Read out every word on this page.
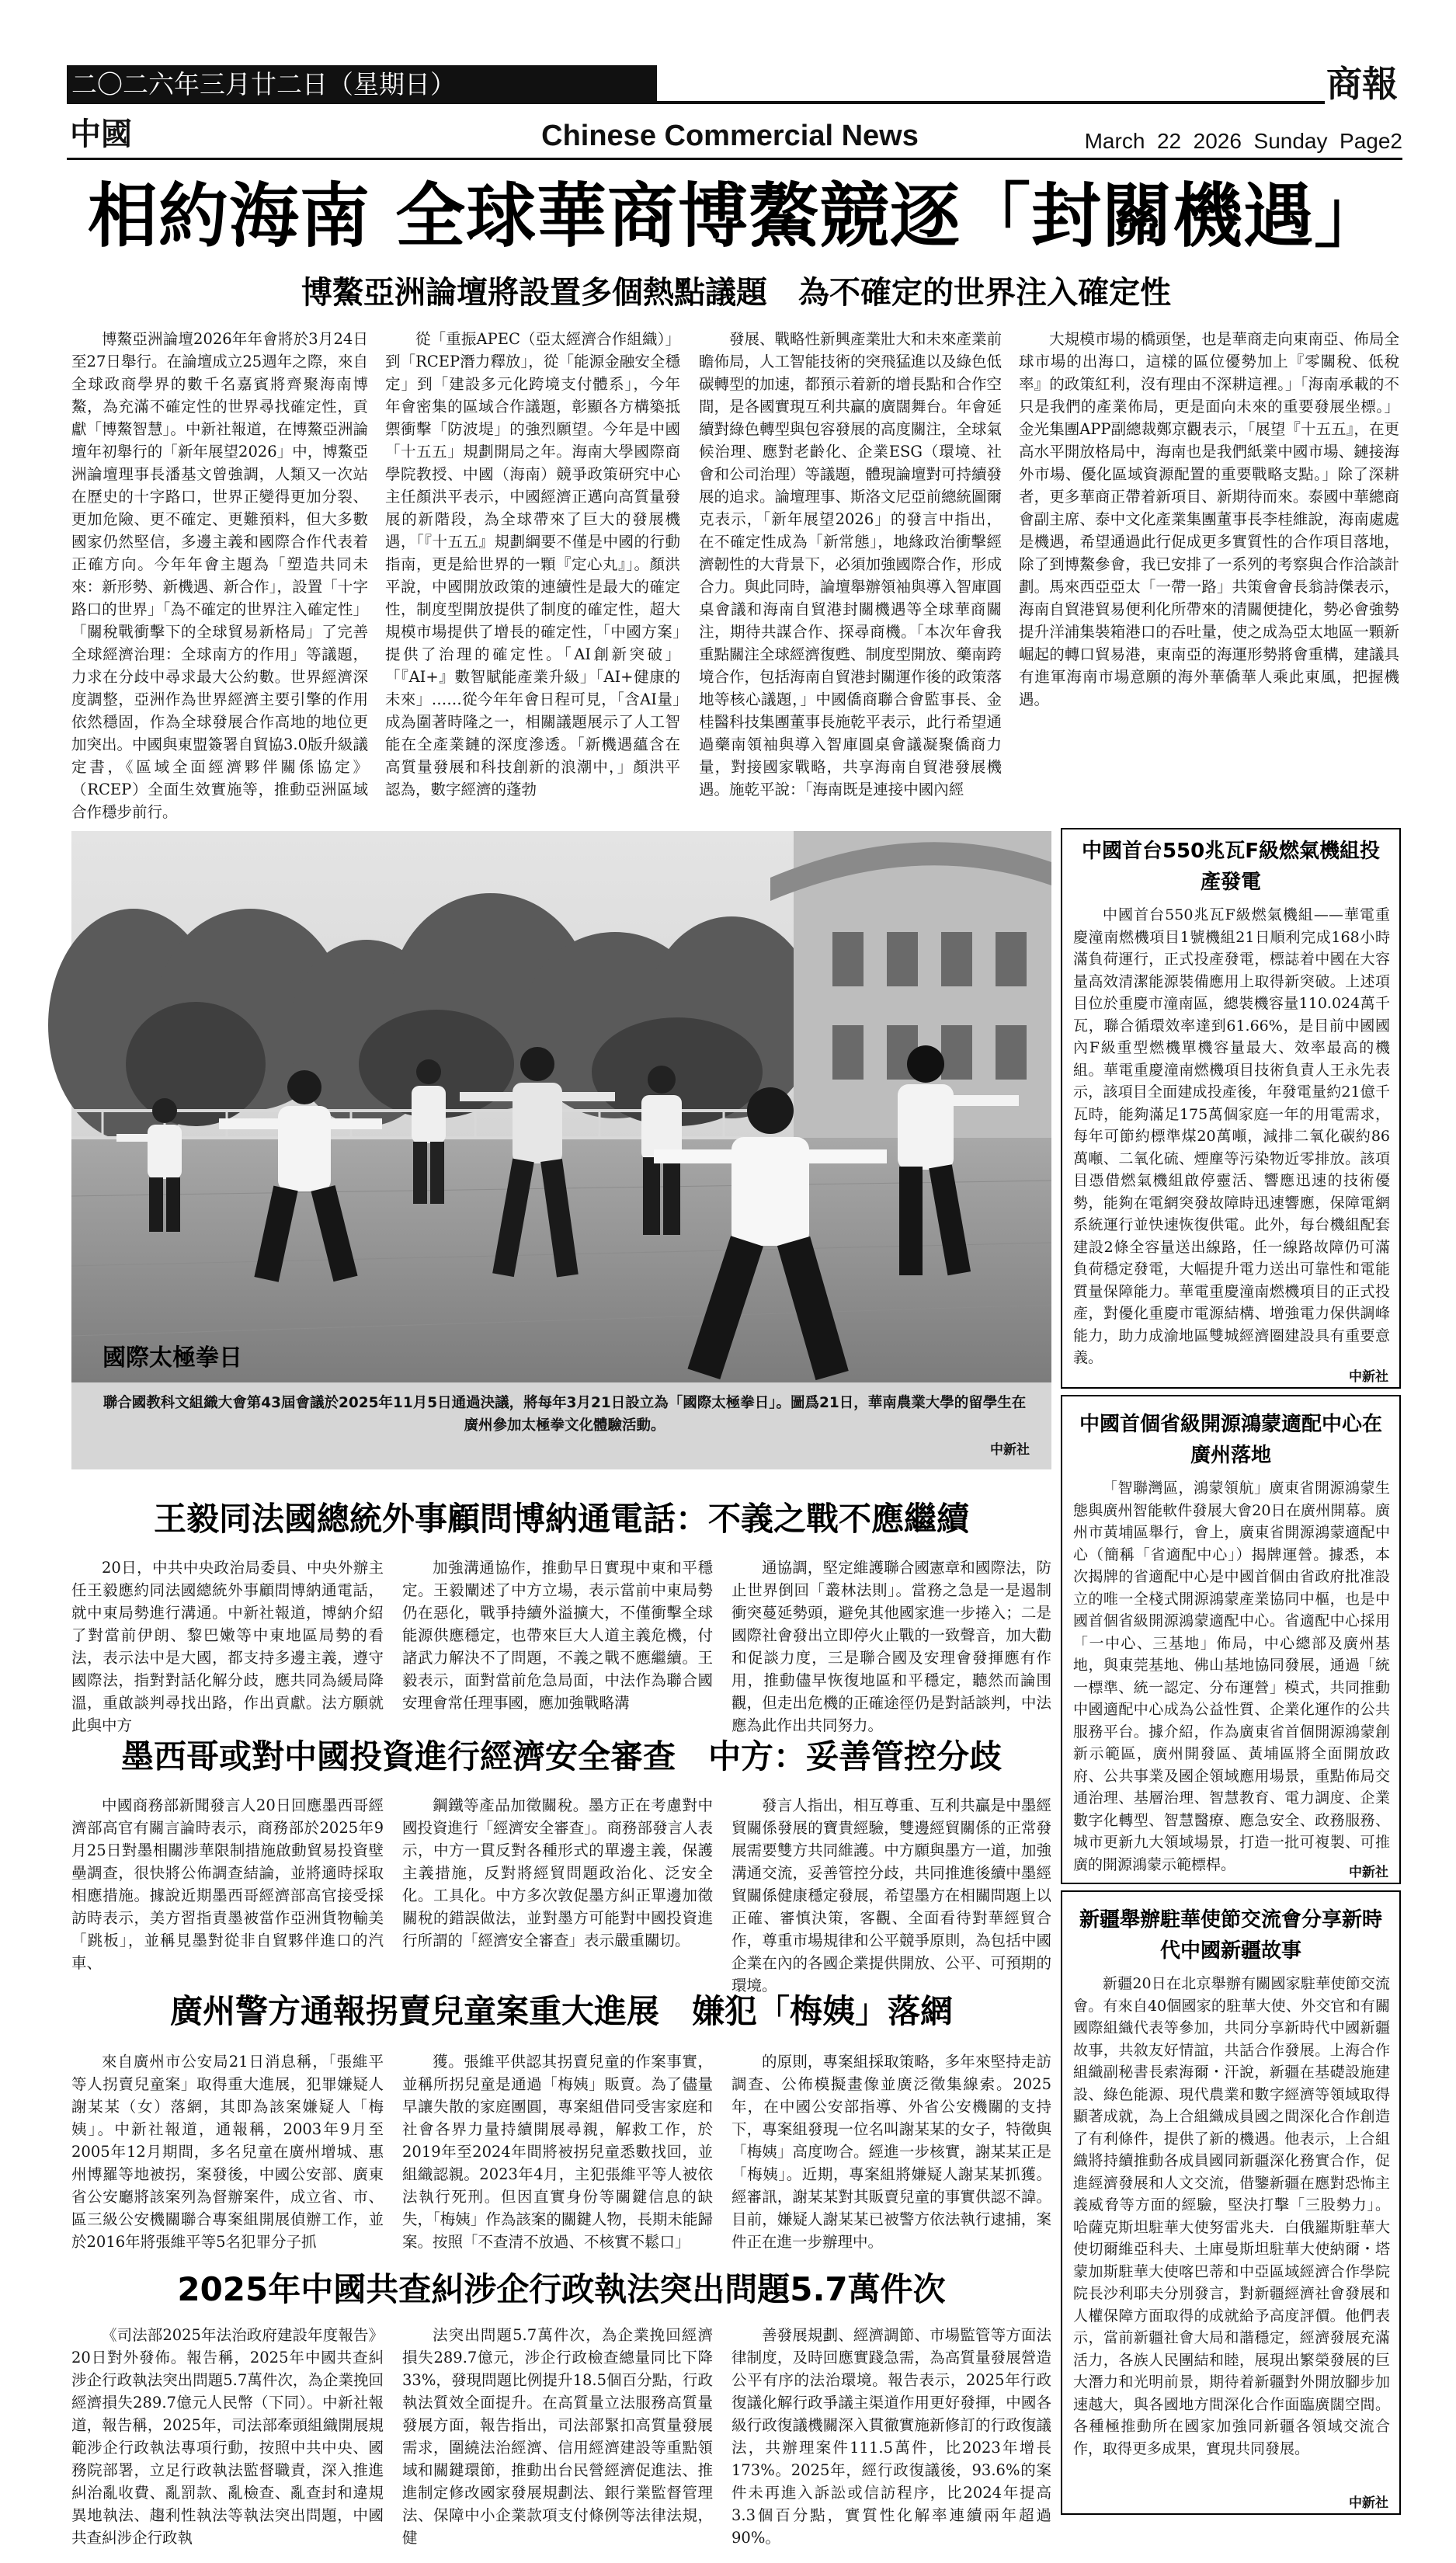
二〇二六年三月廿二日（星期日）	商報
中國	Chinese Commercial News	March  22  2026  Sunday  Page2
相約海南 全球華商博鰲競逐「封關機遇」
博鰲亞洲論壇將設置多個熱點議題　為不確定的世界注入確定性

博鰲亞洲論壇2026年年會將於3月24日至27日舉行。在論壇成立25週年之際，來自全球政商學界的數千名嘉賓將齊聚海南博鰲，為充滿不確定性的世界尋找確定性，貢獻「博鰲智慧」。中新社報道，在博鰲亞洲論壇年初舉行的「新年展望2026」中，博鰲亞洲論壇理事長潘基文曾強調，人類又一次站在歷史的十字路口，世界正變得更加分裂、更加危險、更不確定、更難預料，但大多數國家仍然堅信，多邊主義和國際合作代表着正確方向。今年年會主題為「塑造共同未來：新形勢、新機遇、新合作」，設置「十字路口的世界」「為不確定的世界注入確定性」「關稅戰衝擊下的全球貿易新格局」了完善全球經濟治理：全球南方的作用」等議題，力求在分歧中尋求最大公約數。世界經濟深度調整，亞洲作為世界經濟主要引擎的作用依然穩固，作為全球發展合作高地的地位更加突出。中國與東盟簽署自貿協3.0版升級議定書，《區域全面經濟夥伴關係協定》（RCEP）全面生效實施等，推動亞洲區域合作穩步前行。

從「重振APEC（亞太經濟合作組織）」到「RCEP潛力釋放」，從「能源金融安全穩定」到「建設多元化跨境支付體系」，今年年會密集的區域合作議題，彰顯各方構築抵禦衝擊「防波堤」的強烈願望。今年是中國「十五五」規劃開局之年。海南大學國際商學院教授、中國（海南）競爭政策研究中心主任顏洪平表示，中國經濟正邁向高質量發展的新階段，為全球帶來了巨大的發展機遇，「『十五五』規劃綱要不僅是中國的行動指南，更是給世界的一顆『定心丸』」。顏洪平說，中國開放政策的連續性是最大的確定性，制度型開放提供了制度的確定性，超大規模市場提供了增長的確定性，「中國方案」提供了治理的確定性。「AI創新突破」「『AI+』數智賦能產業升級」「AI+健康的未來」……從今年年會日程可見，「含AI量」成為圍著時隆之一，相關議題展示了人工智能在全產業鏈的深度滲透。「新機遇蘊含在高質量發展和科技創新的浪潮中，」顏洪平認為，數字經濟的蓬勃

發展、戰略性新興產業壯大和未來產業前瞻佈局，人工智能技術的突飛猛進以及綠色低碳轉型的加速，都預示着新的增長點和合作空間，是各國實現互利共贏的廣闊舞台。年會延續對綠色轉型與包容發展的高度關注，全球氣候治理、應對老齡化、企業ESG（環境、社會和公司治理）等議題，體現論壇對可持續發展的追求。論壇理事、斯洛文尼亞前總統圖爾克表示，「新年展望2026」的發言中指出，在不確定性成為「新常態」，地緣政治衝擊經濟韌性的大背景下，必須加強國際合作，形成合力。與此同時，論壇舉辦領袖與導入智庫圓桌會議和海南自貿港封關機遇等全球華商關注，期待共謀合作、探尋商機。「本次年會我重點關注全球經濟復甦、制度型開放、藥南跨境合作，包括海南自貿港封關運作後的政策落地等核心議題，」中國僑商聯合會監事長、金桂醫科技集團董事長施乾平表示，此行希望通過藥南領袖與導入智庫圓桌會議凝聚僑商力量，對接國家戰略，共享海南自貿港發展機遇。施乾平說：「海南既是連接中國內經

大規模市場的橋頭堡，也是華商走向東南亞、佈局全球市場的出海口，這樣的區位優勢加上『零關稅、低稅率』的政策紅利，沒有理由不深耕這裡。」「海南承載的不只是我們的產業佈局，更是面向未來的重要發展坐標。」金光集團APP副總裁鄭京觀表示，「展望『十五五』，在更高水平開放格局中，海南也是我們紙業中國市場、鏈接海外市場、優化區域資源配置的重要戰略支點。」除了深耕者，更多華商正帶着新項目、新期待而來。泰國中華總商會副主席、泰中文化產業集團董事長李桂維說，海南處處是機遇，希望通過此行促成更多實質性的合作項目落地，除了到博鰲參會，我已安排了一系列的考察與合作洽談計劃。馬來西亞亞太「一帶一路」共策會會長翁詩傑表示，海南自貿港貿易便利化所帶來的清關便捷化，勢必會強勢提升洋浦集裝箱港口的吞吐量，使之成為亞太地區一顆新崛起的轉口貿易港，東南亞的海運形勢將會重構，建議具有進軍海南市場意願的海外華僑華人乘此東風，把握機遇。

國際太極拳日
聯合國教科文組織大會第43屆會議於2025年11月5日通過決議，將每年3月21日設立為「國際太極拳日」。圖爲21日，華南農業大學的留學生在廣州參加太極拳文化體驗活動。
中新社
中國首台550兆瓦F級燃氣機組投產發電

中國首台550兆瓦F級燃氣機組——華電重慶潼南燃機項目1號機組21日順利完成168小時滿負荷運行，正式投產發電，標誌着中國在大容量高效清潔能源裝備應用上取得新突破。上述項目位於重慶市潼南區，總裝機容量110.024萬千瓦，聯合循環效率達到61.66%，是目前中國國內F級重型燃機單機容量最大、效率最高的機組。華電重慶潼南燃機項目技術負責人王永先表示，該項目全面建成投產後，年發電量約21億千瓦時，能夠滿足175萬個家庭一年的用電需求，每年可節約標準煤20萬噸，減排二氧化碳約86萬噸、二氧化硫、煙塵等污染物近零排放。該項目憑借燃氣機組啟停靈活、響應迅速的技術優勢，能夠在電網突發故障時迅速響應，保障電網系統運行並快速恢復供電。此外，每台機組配套建設2條全容量送出線路，任一線路故障仍可滿負荷穩定發電，大幅提升電力送出可靠性和電能質量保障能力。華電重慶潼南燃機項目的正式投產，對優化重慶市電源結構、增強電力保供調峰能力，助力成渝地區雙城經濟圈建設具有重要意義。

中新社
中國首個省級開源鴻蒙適配中心在廣州落地

「智聯灣區，鴻蒙領航」廣東省開源鴻蒙生態與廣州智能軟件發展大會20日在廣州開幕。廣州市黃埔區舉行，會上，廣東省開源鴻蒙適配中心（簡稱「省適配中心」）揭牌運營。據悉，本次揭牌的省適配中心是中國首個由省政府批准設立的唯一全棧式開源鴻蒙產業協同中樞，也是中國首個省級開源鴻蒙適配中心。省適配中心採用「一中心、三基地」佈局，中心總部及廣州基地，與東莞基地、佛山基地協同發展，通過「統一標準、統一認定、分布運營」模式，共同推動中國適配中心成為公益性質、企業化運作的公共服務平台。據介紹，作為廣東省首個開源鴻蒙創新示範區，廣州開發區、黃埔區將全面開放政府、公共事業及國企領域應用場景，重點佈局交通治理、基層治理、智慧教育、電力調度、企業數字化轉型、智慧醫療、應急安全、政務服務、城市更新九大領域場景，打造一批可複製、可推廣的開源鴻蒙示範標桿。	中新社
新疆舉辦駐華使節交流會分享新時代中國新疆故事

新疆20日在北京舉辦有關國家駐華使節交流會。有來自40個國家的駐華大使、外交官和有關國際組織代表等參加，共同分享新時代中國新疆故事，共敘友好情誼，共話合作發展。上海合作組織副秘書長索海爾・汗說，新疆在基礎設施建設、綠色能源、現代農業和數字經濟等領域取得顯著成就，為上合組織成員國之間深化合作創造了有利條件，提供了新的機遇。他表示，上合組織將持續推動各成員國同新疆深化務實合作，促進經濟發展和人文交流，借鑒新疆在應對恐怖主義威脅等方面的經驗，堅決打擊「三股勢力」。哈薩克斯坦駐華大使努雷兆夫．白俄羅斯駐華大使切爾維亞科夫、土庫曼斯坦駐華大使納爾・塔蒙加斯駐華大使喀巴蒂和中亞區域經濟合作學院院長沙利耶夫分別發言，對新疆經濟社會發展和人權保障方面取得的成就給予高度評價。他們表示，當前新疆社會大局和諧穩定，經濟發展充滿活力，各族人民團結和睦，展現出繁榮發展的巨大潛力和光明前景，期待着新疆對外開放腳步加速越大，與各國地方間深化合作面臨廣闊空間。各種極推動所在國家加強同新疆各領域交流合作，取得更多成果，實現共同發展。

中新社
王毅同法國總統外事顧問博納通電話：不義之戰不應繼續

20日，中共中央政治局委員、中央外辦主任王毅應約同法國總統外事顧問博納通電話，就中東局勢進行溝通。中新社報道，博納介紹了對當前伊朗、黎巴嫩等中東地區局勢的看法，表示法中是大國，都支持多邊主義，遵守國際法，指對對話化解分歧，應共同為緩局降溫，重啟談判尋找出路，作出貢獻。法方願就此與中方

加強溝通協作，推動早日實現中東和平穩定。王毅闡述了中方立場，表示當前中東局勢仍在惡化，戰爭持續外溢擴大，不僅衝擊全球能源供應穩定，也帶來巨大人道主義危機，付諸武力解決不了問題，不義之戰不應繼續。王毅表示，面對當前危急局面，中法作為聯合國安理會常任理事國，應加強戰略溝

通協調，堅定維護聯合國憲章和國際法，防止世界倒回「叢林法則」。當務之急是一是遏制衝突蔓延勢頭，避免其他國家進一步捲入；二是國際社會發出立即停火止戰的一致聲音，加大勸和促談力度，三是聯合國及安理會發揮應有作用，推動儘早恢復地區和平穩定，聽然而論围觀，但走出危機的正確途徑仍是對話談判，中法應為此作出共同努力。

墨西哥或對中國投資進行經濟安全審查　中方：妥善管控分歧

中國商務部新聞發言人20日回應墨西哥經濟部高官有關言論時表示，商務部於2025年9月25日對墨相關涉華限制措施啟動貿易投資壁壘調查，很快將公佈調查結論，並將適時採取相應措施。據說近期墨西哥經濟部高官接受採訪時表示，美方習指責墨被當作亞洲貨物輸美「跳板」，並稱見墨對從非自貿夥伴進口的汽車、

鋼鐵等產品加徵關稅。墨方正在考慮對中國投資進行「經濟安全審查」。商務部發言人表示，中方一貫反對各種形式的單邊主義，保護主義措施，反對將經貿問題政治化、泛安全化。工具化。中方多次敦促墨方糾正單邊加徵關稅的錯誤做法，並對墨方可能對中國投資進行所謂的「經濟安全審查」表示嚴重關切。

發言人指出，相互尊重、互利共贏是中墨經貿關係發展的寶貴經驗，雙邊經貿關係的正常發展需要雙方共同維護。中方願與墨方一道，加強溝通交流，妥善管控分歧，共同推進後續中墨經貿關係健康穩定發展，希望墨方在相關問題上以正確、審慎決策，客觀、全面看待對華經貿合作，尊重市場規律和公平競爭原則，為包括中國企業在內的各國企業提供開放、公平、可預期的環境。

廣州警方通報拐賣兒童案重大進展　嫌犯「梅姨」落網

來自廣州市公安局21日消息稱，「張維平等人拐賣兒童案」取得重大進展，犯罪嫌疑人謝某某（女）落網，其即為該案嫌疑人「梅姨」。中新社報道，通報稱，2003年9月至2005年12月期間，多名兒童在廣州增城、惠州博羅等地被拐，案發後，中國公安部、廣東省公安廳將該案列為督辦案件，成立省、市、區三級公安機關聯合專案組開展偵辦工作，並於2016年將張維平等5名犯罪分子抓

獲。張維平供認其拐賣兒童的作案事實，並稱所拐兒童是通過「梅姨」販賣。為了儘量早讓失散的家庭團圓，專案組借同受害家庭和社會各界力量持續開展尋親，解救工作，於2019年至2024年間將被拐兒童悉數找回，並組織認親。2023年4月，主犯張維平等人被依法執行死刑。但因直實身份等關鍵信息的缺失，「梅姨」作為該案的關鍵人物，長期未能歸案。按照「不查清不放過、不核實不鬆口」

的原則，專案組採取策略，多年來堅持走訪調查、公佈模擬畫像並廣泛徵集線索。2025年，在中國公安部指導、外省公安機關的支持下，專案組發現一位名叫謝某某的女子，特徵與「梅姨」高度吻合。經進一步核實，謝某某正是「梅姨」。近期，專案組將嫌疑人謝某某抓獲。經審訊，謝某某對其販賣兒童的事實供認不諱。目前，嫌疑人謝某某已被警方依法執行逮捕，案件正在進一步辦理中。

2025年中國共查糾涉企行政執法突出問題5.7萬件次

《司法部2025年法治政府建設年度報告》20日對外發佈。報告稱，2025年中國共查糾涉企行政執法突出問題5.7萬件次，為企業挽回經濟損失289.7億元人民幣（下同）。中新社報道，報告稱，2025年，司法部牽頭組織開展規範涉企行政執法專項行動，按照中共中央、國務院部署，立足行政執法監督職責，深入推進糾治亂收費、亂罰款、亂檢查、亂查封和違規異地執法、趨利性執法等執法突出問題，中國共查糾涉企行政執

法突出問題5.7萬件次，為企業挽回經濟損失289.7億元，涉企行政檢查總量同比下降33%，發現問題比例提升18.5個百分點，行政執法質效全面提升。在高質量立法服務高質量發展方面，報告指出，司法部緊扣高質量發展需求，圍繞法治經濟、信用經濟建設等重點領域和關鍵環節，推動出台民營經濟促進法、推進制定修改國家發展規劃法、銀行業監督管理法、保障中小企業款項支付條例等法律法規，健

善發展規劃、經濟調節、市場監管等方面法律制度，及時回應實踐急需，為高質量發展營造公平有序的法治環境。報告表示，2025年行政復議化解行政爭議主渠道作用更好發揮，中國各級行政復議機關深入貫徹實施新修訂的行政復議法，共辦理案件111.5萬件，比2023年增長173%。2025年，經行政復議後，93.6%的案件未再進入訴訟或信訪程序，比2024年提高3.3個百分點，實質性化解率連續兩年超過90%。
